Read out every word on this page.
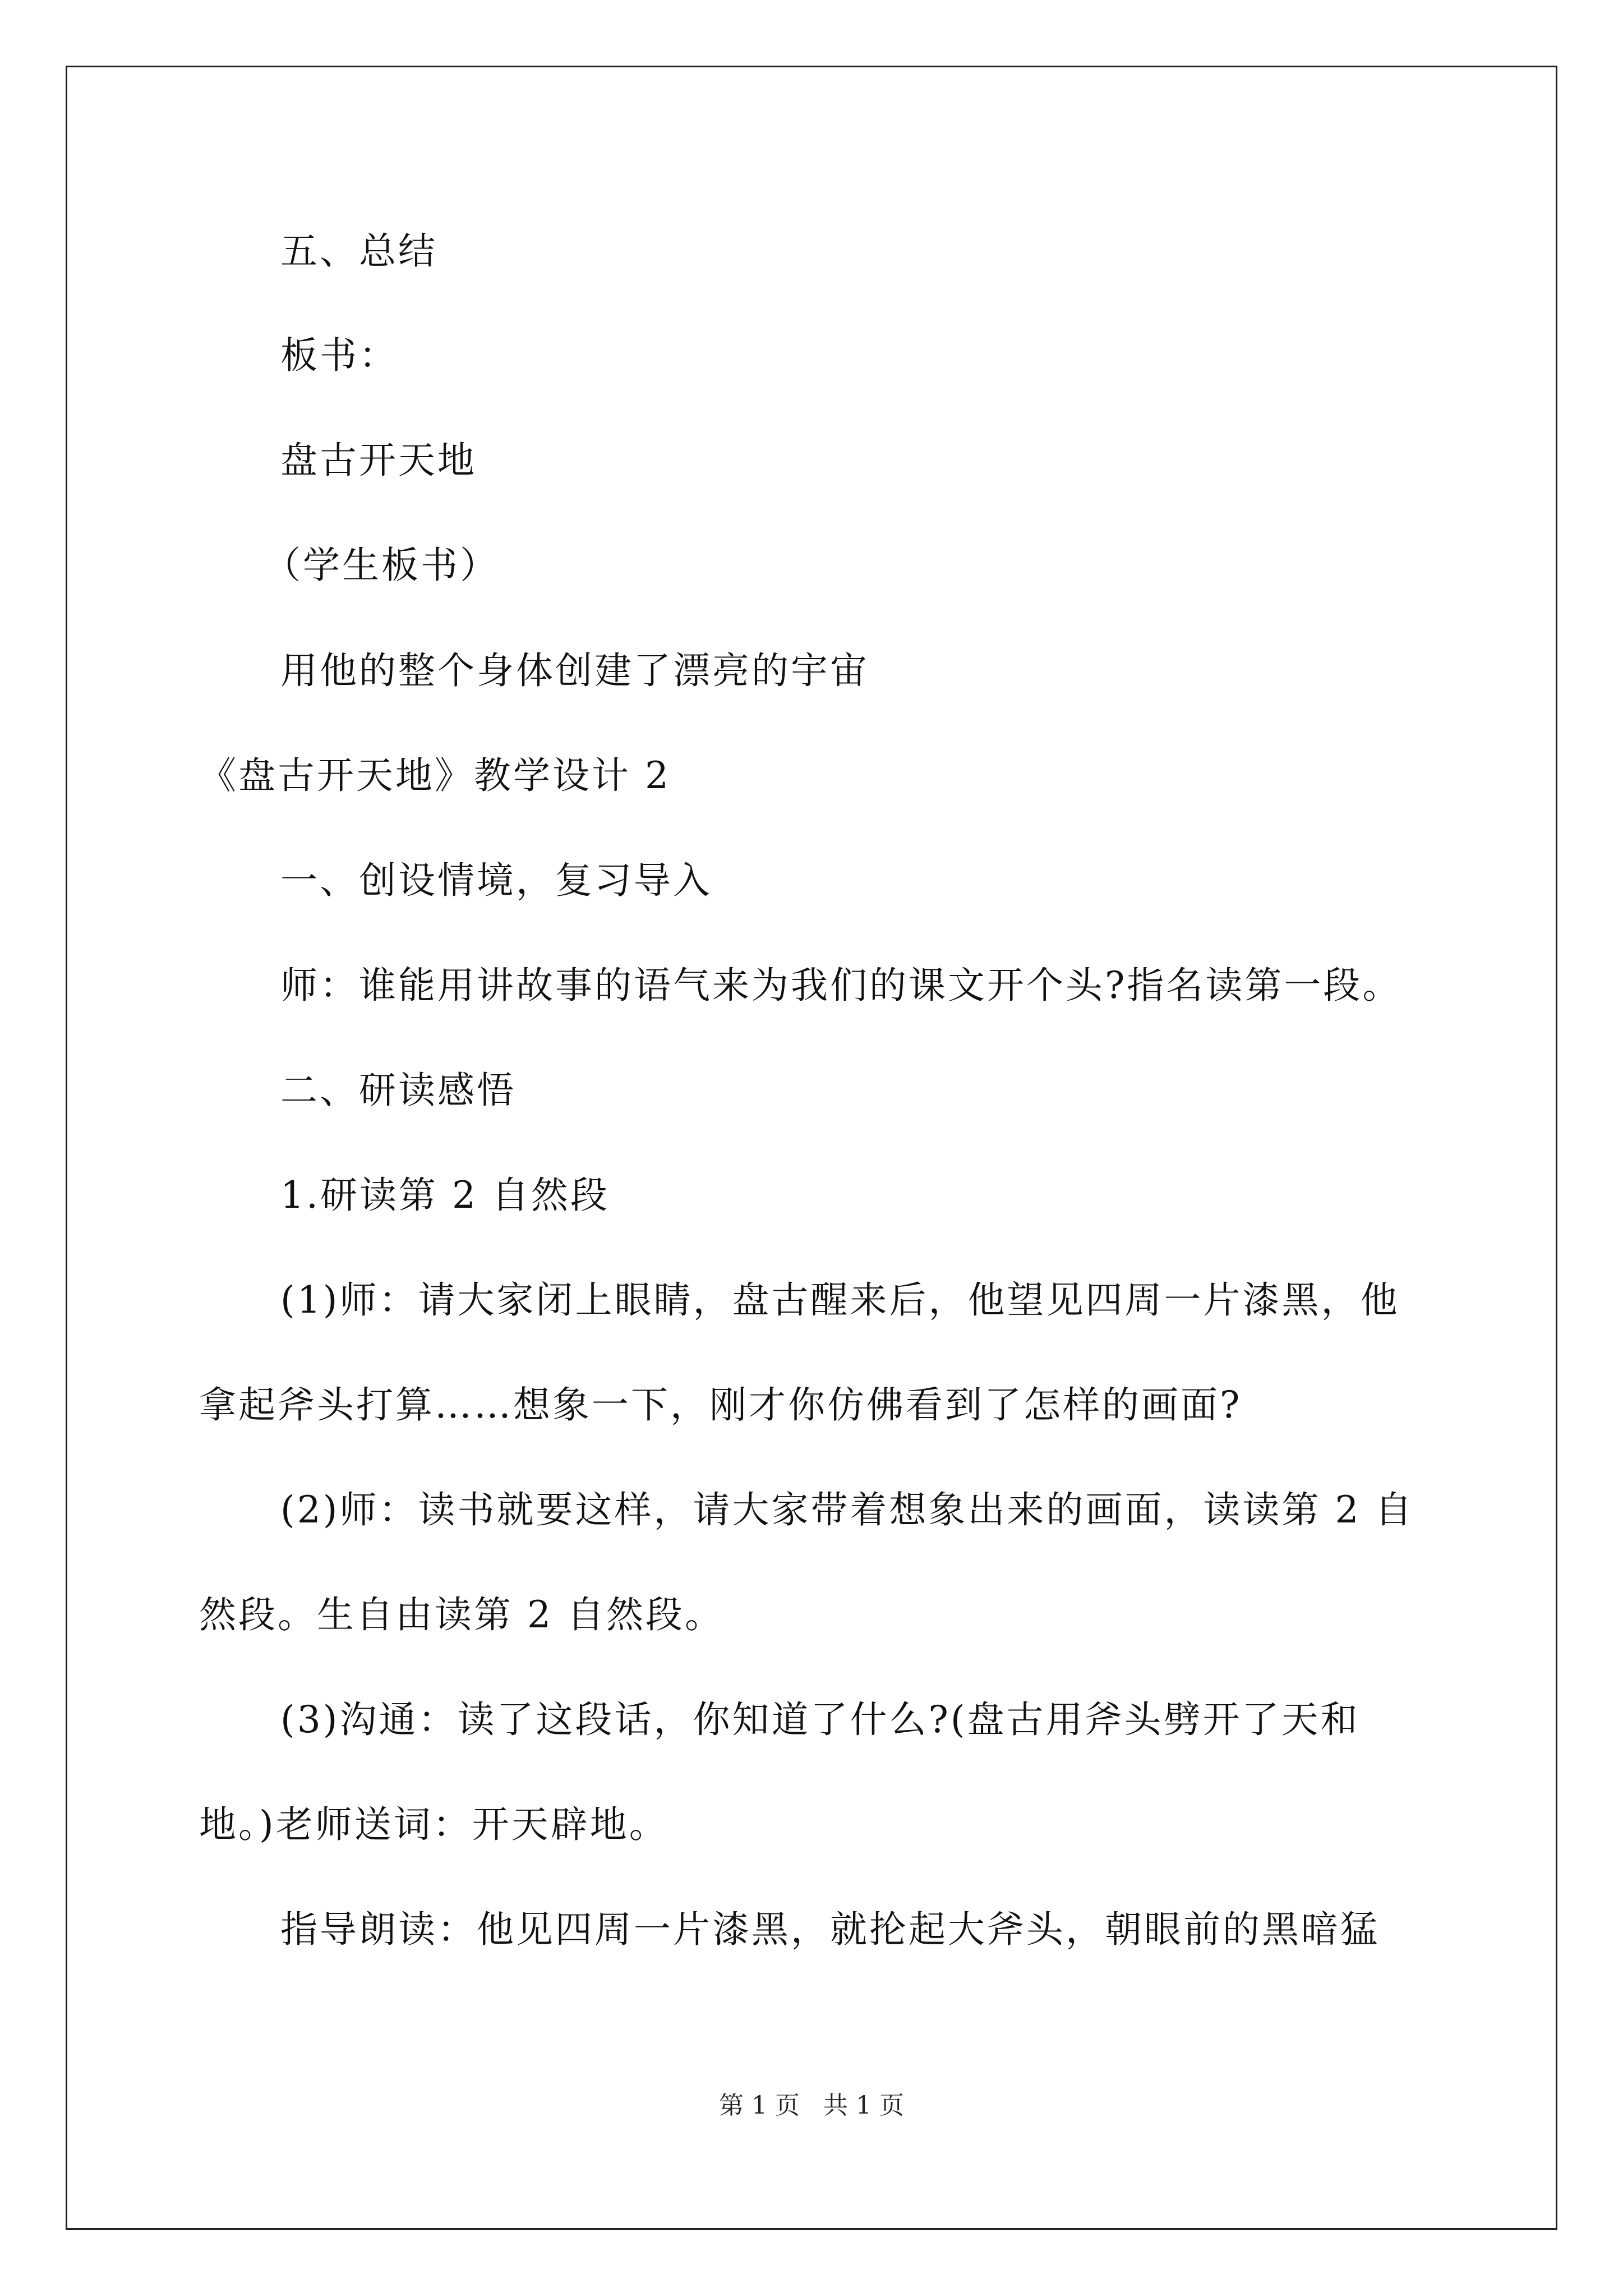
五、总结
板书：
盘古开天地
（学生板书）
用他的整个身体创建了漂亮的宇宙
《盘古开天地》教学设计 2
一、创设情境，复习导入
师：谁能用讲故事的语气来为我们的课文开个头?指名读第一段。
二、研读感悟
1.研读第 2 自然段
(1)师：请大家闭上眼睛，盘古醒来后，他望见四周一片漆黑，他
拿起斧头打算……想象一下，刚才你仿佛看到了怎样的画面?
(2)师：读书就要这样，请大家带着想象出来的画面，读读第 2 自
然段。生自由读第 2 自然段。
(3)沟通：读了这段话，你知道了什么?(盘古用斧头劈开了天和
地。)老师送词：开天辟地。
指导朗读：他见四周一片漆黑，就抡起大斧头，朝眼前的黑暗猛
第 1 页   共 1 页
